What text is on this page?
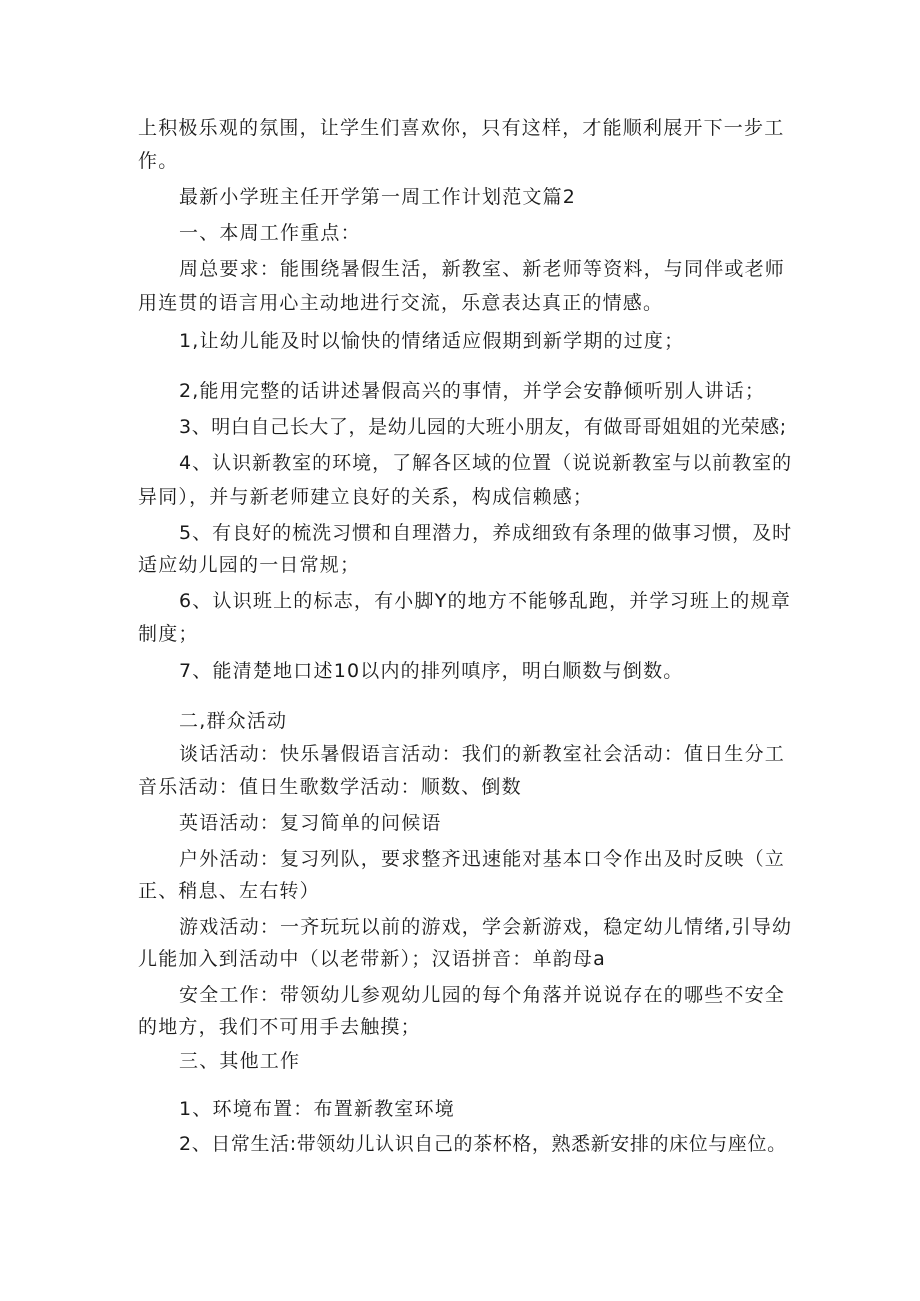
上积极乐观的氛围，让学生们喜欢你，只有这样，才能顺利展开下一步工
作。
最新小学班主任开学第一周工作计划范文篇2
一、本周工作重点：
周总要求：能围绕暑假生活，新教室、新老师等资料，与同伴或老师
用连贯的语言用心主动地进行交流，乐意表达真正的情感。
1,让幼儿能及时以愉快的情绪适应假期到新学期的过度；
2,能用完整的话讲述暑假高兴的事情，并学会安静倾听别人讲话；
3、明白自己长大了，是幼儿园的大班小朋友，有做哥哥姐姐的光荣感;
4、认识新教室的环境，了解各区域的位置（说说新教室与以前教室的
异同），并与新老师建立良好的关系，构成信赖感；
5、有良好的梳洗习惯和自理潜力，养成细致有条理的做事习惯，及时
适应幼儿园的一日常规；
6、认识班上的标志，有小脚Y的地方不能够乱跑，并学习班上的规章
制度；
7、能清楚地口述10以内的排列嗔序，明白顺数与倒数。
二,群众活动
谈话活动：快乐暑假语言活动：我们的新教室社会活动：值日生分工
音乐活动：值日生歌数学活动：顺数、倒数
英语活动：复习简单的问候语
户外活动：复习列队，要求整齐迅速能对基本口令作出及时反映（立
正、稍息、左右转）
游戏活动：一齐玩玩以前的游戏，学会新游戏，稳定幼儿情绪,引导幼
儿能加入到活动中（以老带新）；汉语拼音：单韵母a
安全工作：带领幼儿参观幼儿园的每个角落并说说存在的哪些不安全
的地方，我们不可用手去触摸；
三、其他工作
1、环境布置：布置新教室环境
2、日常生活:带领幼儿认识自己的茶杯格，熟悉新安排的床位与座位。
